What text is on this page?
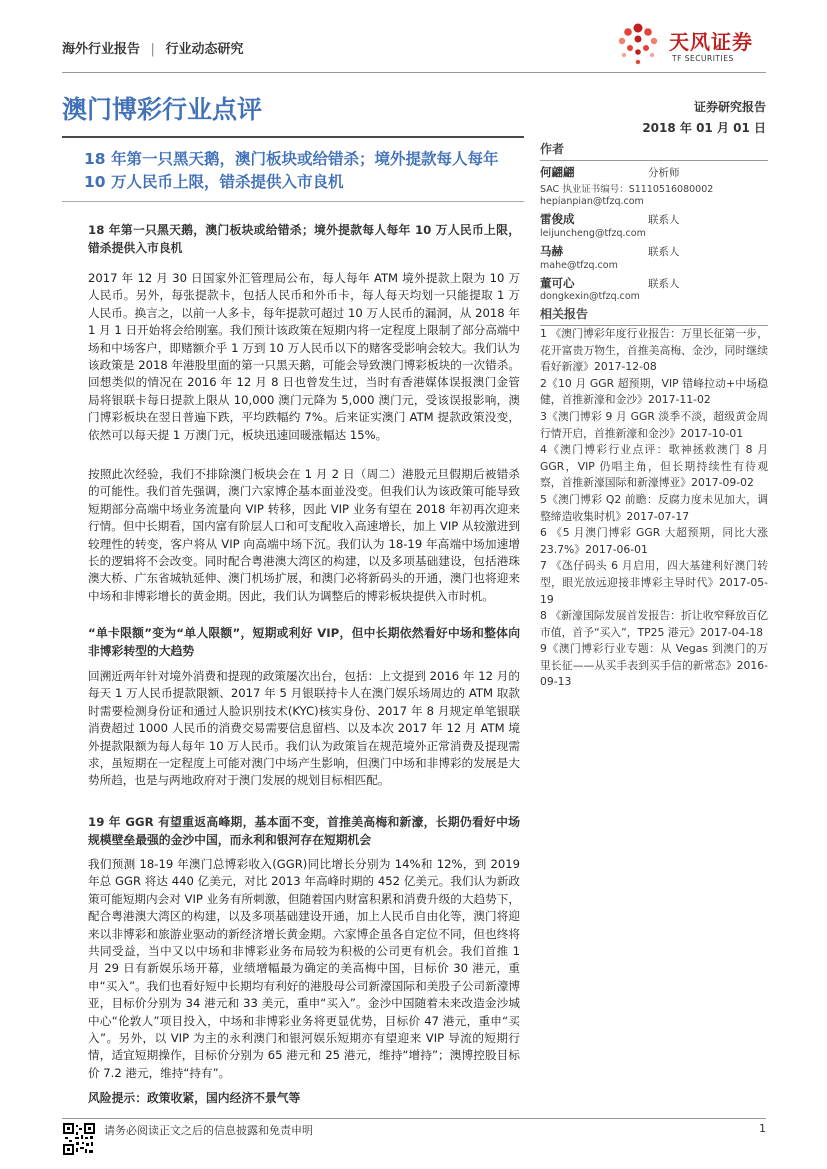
海外行业报告 | 行业动态研究	天风证券
TF SECURITIES
澳门博彩行业点评	证券研究报告
2018 年 01 月 01 日
18 年第一只黑天鹅，澳门板块或给错杀；境外提款每人每年 10 万人民币上限，错杀提供入市良机

18 年第一只黑天鹅，澳门板块或给错杀；境外提款每人每年 10 万人民币上限，错杀提供入市良机

2017 年 12 月 30 日国家外汇管理局公布，每人每年 ATM 境外提款上限为 10 万人民币。另外，每张提款卡，包括人民币和外币卡，每人每天均划一只能提取 1 万人民币。换言之，以前一人多卡，每年提款可超过 10 万人民币的漏洞，从 2018 年 1 月 1 日开始将会给刚塞。我们预计该政策在短期内将一定程度上限制了部分高端中场和中场客户，即赌额介乎 1 万到 10 万人民币以下的赌客受影响会较大。我们认为该政策是 2018 年港股里面的第一只黑天鹅，可能会导致澳门博彩板块的一次错杀。回想类似的情况在 2016 年 12 月 8 日也曾发生过，当时有香港媒体误报澳门金管局将银联卡每日提款上限从 10,000 澳门元降为 5,000 澳门元，受该误报影响，澳门博彩板块在翌日普遍下跌，平均跌幅约 7%。后来证实澳门 ATM 提款政策没变，依然可以每天提 1 万澳门元，板块迅速回暖涨幅达 15%。

按照此次经验，我们不排除澳门板块会在 1 月 2 日（周二）港股元旦假期后被错杀的可能性。我们首先强调，澳门六家博企基本面並没变。但我们认为该政策可能导致短期部分高端中场业务流量向 VIP 转移，因此 VIP 业务有望在 2018 年初再次迎来行情。但中长期看，国内富有阶层人口和可支配收入高速增长，加上 VIP 从较激进到较理性的转变，客户将从 VIP 向高端中场下沉。我们认为 18-19 年高端中场加速增长的逻辑将不会改变。同时配合粤港澳大湾区的构建，以及多项基础建设，包括港珠澳大桥、广东省城轨延伸、澳门机场扩展，和澳门必将新码头的开通，澳门也将迎来中场和非博彩增长的黄金期。因此，我们认为调整后的博彩板块提供入市时机。

“单卡限额”变为“单人限额”，短期或利好 VIP，但中长期依然看好中场和整体向非博彩转型的大趋势

回溯近两年针对境外消费和提现的政策屡次出台，包括：上文提到 2016 年 12 月的每天 1 万人民币提款限额、2017 年 5 月银联持卡人在澳门娱乐场周边的 ATM 取款时需要检测身份证和通过人脸识别技术(KYC)核实身份、2017 年 8 月规定单笔银联消费超过 1000 人民币的消费交易需要信息留档、以及本次 2017 年 12 月 ATM 境外提款限额为每人每年 10 万人民币。我们认为政策旨在规范境外正常消费及提现需求，虽短期在一定程度上可能对澳门中场产生影响，但澳门中场和非博彩的发展是大势所趋，也是与两地政府对于澳门发展的规划目标相匹配。

19 年 GGR 有望重返高峰期，基本面不变，首推美高梅和新濠，长期仍看好中场规模壁垒最强的金沙中国，而永利和银河存在短期机会

我们预测 18-19 年澳门总博彩收入(GGR)同比增长分别为 14%和 12%，到 2019 年总 GGR 将达 440 亿美元，对比 2013 年高峰时期的 452 亿美元。我们认为新政策可能短期内会对 VIP 业务有所刺激，但随着国内财富积累和消费升级的大趋势下，配合粤港澳大湾区的构建，以及多项基础建设开通，加上人民币自由化等，澳门将迎来以非博彩和旅游业驱动的新经济增长黄金期。六家博企虽各自定位不同，但也终将共同受益，当中又以中场和非博彩业务布局较为积极的公司更有机会。我们首推 1 月 29 日有新娱乐场开幕，业绩增幅最为确定的美高梅中国，目标价 30 港元，重申“买入”。我们也看好短中长期均有利好的港股母公司新濠国际和美股子公司新濠博亚，目标价分别为 34 港元和 33 美元，重申“买入”。金沙中国随着未来改造金沙城中心“伦敦人”项目投入，中场和非博彩业务将更显优势，目标价 47 港元，重申“买入”。另外，以 VIP 为主的永利澳门和银河娱乐短期亦有望迎来 VIP 导流的短期行情，适宜短期操作，目标价分别为 65 港元和 25 港元，维持“增持”；澳博控股目标价 7.2 港元，维持“持有”。

风险提示：政策收紧，国内经济不景气等

作者
何翩翩	分析师
SAC 执业证书编号：S1110516080002
hepianpian@tfzq.com
雷俊成	联系人
leijuncheng@tfzq.com
马赫	联系人
mahe@tfzq.com
董可心	联系人
dongkexin@tfzq.com
相关报告
1 《澳门博彩年度行业报告：万里长征第一步，花开富贵万物生，首推美高梅、金沙，同时继续看好新濠》2017-12-08
2《10 月 GGR 超预期，VIP 错峰拉动+中场稳健，首推新濠和金沙》2017-11-02
3《澳门博彩 9 月 GGR 淡季不淡，超级黄金周行情开启，首推新濠和金沙》2017-10-01
4《澳门博彩行业点评：歌神拯救澳门 8 月 GGR，VIP 仍唱主角，但长期持续性有待观察，首推新濠国际和新濠博亚》2017-09-02
5《澳门博彩 Q2 前瞻：反腐力度未见加大，调整缔造收集时机》2017-07-17
6 《5 月澳门博彩 GGR 大超预期，同比大涨 23.7%》2017-06-01
7 《氹仔码头 6 月启用，四大基建利好澳门转型，眼光放远迎接非博彩主导时代》2017-05-19
8 《新濠国际发展首发报告：折让收窄释放百亿市值，首予“买入”，TP25 港元》2017-04-18
9《澳门博彩行业专题：从 Vegas 到澳门的万里长征——从买手表到买手信的新常态》2016-09-13
请务必阅读正文之后的信息披露和免责申明	1
